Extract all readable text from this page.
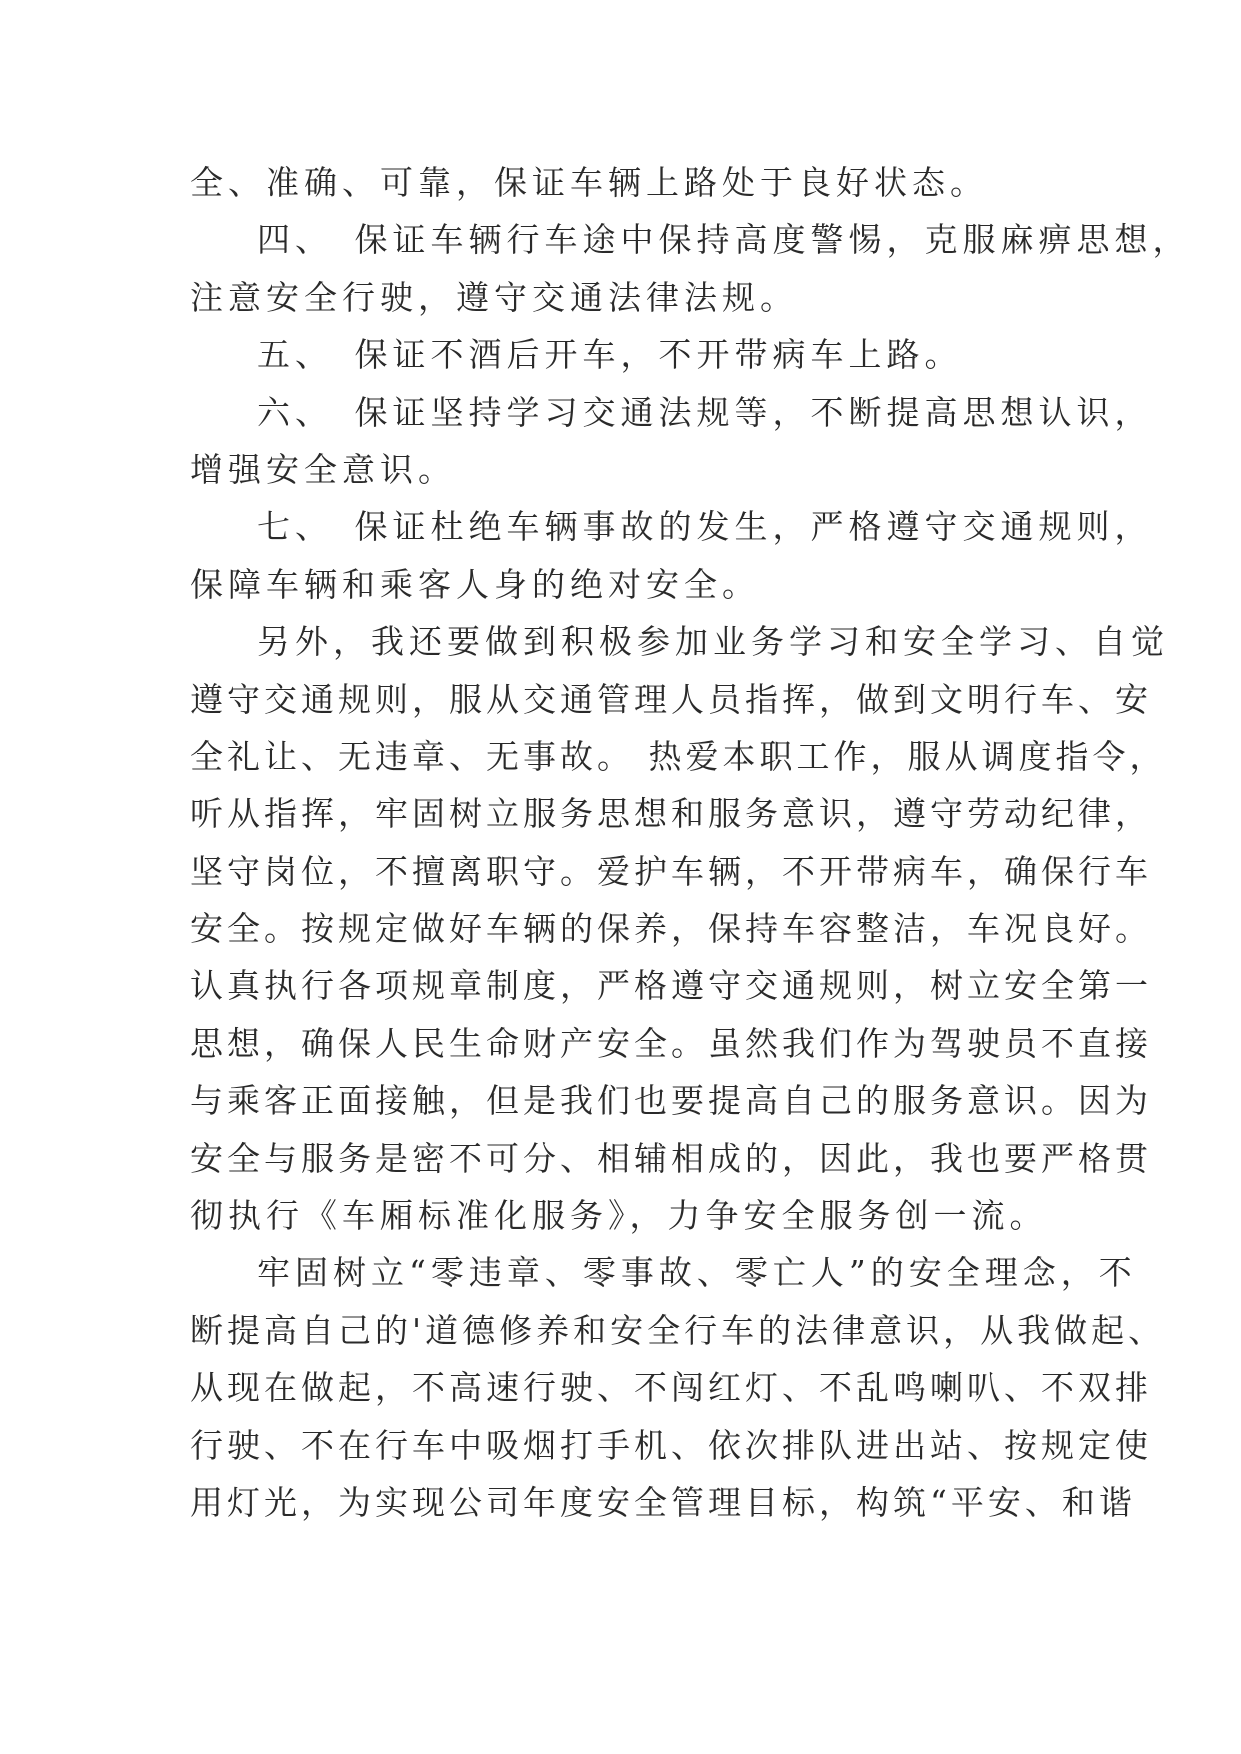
全、准确、可靠，保证车辆上路处于良好状态。
四、　保证车辆行车途中保持高度警惕，克服麻痹思想，
注意安全行驶，遵守交通法律法规。
五、　保证不酒后开车，不开带病车上路。
六、　保证坚持学习交通法规等，不断提高思想认识，
增强安全意识。
七、　保证杜绝车辆事故的发生，严格遵守交通规则，
保障车辆和乘客人身的绝对安全。
另外，我还要做到积极参加业务学习和安全学习、自觉
遵守交通规则，服从交通管理人员指挥，做到文明行车、安
全礼让、无违章、无事故。 热爱本职工作，服从调度指令，
听从指挥，牢固树立服务思想和服务意识，遵守劳动纪律，
坚守岗位，不擅离职守。爱护车辆，不开带病车，确保行车
安全。按规定做好车辆的保养，保持车容整洁，车况良好。
认真执行各项规章制度，严格遵守交通规则，树立安全第一
思想，确保人民生命财产安全。虽然我们作为驾驶员不直接
与乘客正面接触，但是我们也要提高自己的服务意识。因为
安全与服务是密不可分、相辅相成的，因此，我也要严格贯
彻执行《车厢标准化服务》，力争安全服务创一流。
牢固树立“零违章、零事故、零亡人”的安全理念，不
断提高自己的'道德修养和安全行车的法律意识，从我做起、
从现在做起，不高速行驶、不闯红灯、不乱鸣喇叭、不双排
行驶、不在行车中吸烟打手机、依次排队进出站、按规定使
用灯光，为实现公司年度安全管理目标，构筑“平安、和谐
